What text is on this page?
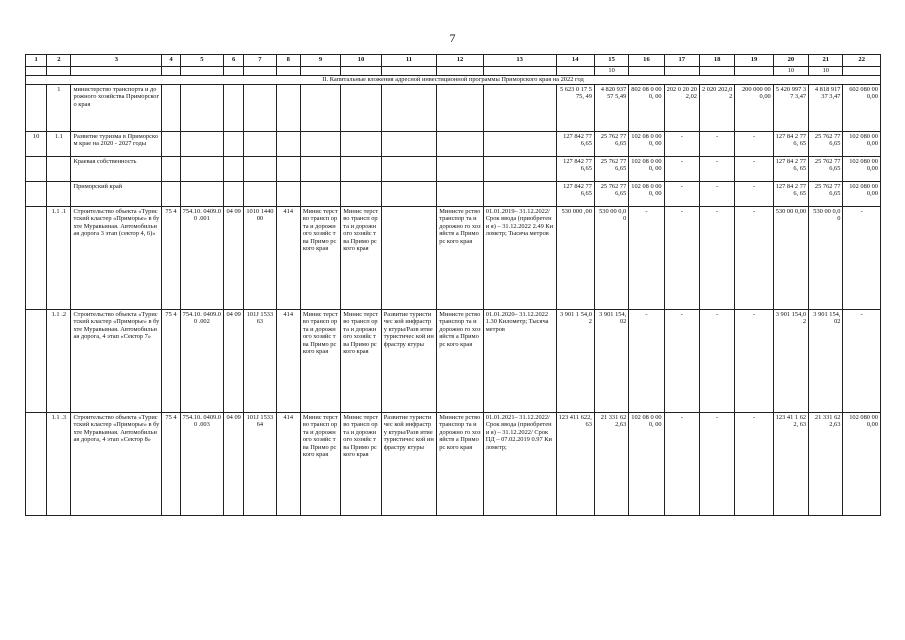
7
1	2	3	4	5	6	7	8	9	10	11	12	13	14	15	16	17	18	19	20	21	22
														10					10	10	
II. Капитальные вложения адресной инвестиционной программы Приморского края на 2022 год																					
	1	министерство транспорта и дорожного хозяйства Приморского края											5 623 0 17 575, 49	4 820 937 57 5,49	802 08 0 000, 00	202 0 20 20 2,02	2 020 202,0 2	200 000 000,00	5 420 997 37 3,47	4 818 917 37 3,47	602 080 000,00
10	1.1	Развитие туризма в Приморском крае на 2020 - 2027 годы											127 842 776,65	25 762 776,65	102 08 0 000, 00	-	-	-	127 84 2 776, 65	25 762 776,65	102 080 000,00
		Краевая собственность											127 842 776,65	25 762 776,65	102 08 0 000, 00	-	-	-	127 84 2 776, 65	25 762 776,65	102 080 000,00
		Приморский край											127 842 776,65	25 762 776,65	102 08 0 000, 00	-	-	-	127 84 2 776, 65	25 762 776,65	102 080 000,00
	1.1 .1	Строительство объекта «Туристский кластер «Приморье» в бухте Муравьиная. Автомобильная дорога 3 этап (сектор 4, 6)»	75 4	754.10. 0409.00 .001	04 09	1010 1440 00	414	Минис терство трансп орта и дорожн ого хозяйс тва Примо рского края	Минис терство трансп орта и дорожн ого хозяйс тва Примо рского края		Министе рство транспор та и дорожно го хозяйств а Приморс кого края	01.01.2019– 31.12.2022/ Срок ввода (приобретени я) – 31.12.2022 2.49 Километр; Тысяча метров	530 000 ,00	530 00 0,00	-	-	-	-	530 00 0,00	530 00 0,00	-
	1.1 .2	Строительство объекта «Туристский кластер «Приморье» в бухте Муравьиная. Автомобильная дорога, 4 этап «Сектор 7»	75 4	754.10. 0409.00 .002	04 09	101J 1533 63	414	Минис терство трансп орта и дорожн ого хозяйс тва Примо рского края	Минис терство трансп орта и дорожн ого хозяйс тва Примо рского края	Развитие туристичес кой инфрастру ктуры/Разв итие туристичес кой инфрастру ктуры	Министе рство транспор та и дорожно го хозяйств а Приморс кого края	01.01.2020– 31.12.2022 1.30 Километр; Тысяча метров	3 901 1 54,02	3 901 154,02	-	-	-	-	3 901 154,02	3 901 154,02	-
	1.1 .3	Строительство объекта «Туристский кластер «Приморье» в бухте Муравьиная. Автомобильная дорога, 4 этап «Сектор 8»	75 4	754.10. 0409.00 .003	04 09	101J 1533 64	414	Минис терство трансп орта и дорожн ого хозяйс тва Примо рского края	Минис терство трансп орта и дорожн ого хозяйс тва Примо рского края	Развитие туристичес кой инфрастру ктуры/Разв итие туристичес кой инфрастру ктуры	Министе рство транспор та и дорожно го хозяйств а Приморс кого края	01.01.2021– 31.12.2022/ Срок ввода (приобретени я) – 31.12.2022/ Срок ПД – 07.02.2019 0.97 Километр;	123 411 622,63	21 331 622,63	102 08 0 000, 00	-	-	-	123 41 1 622, 63	21 331 622,63	102 080 000,00
